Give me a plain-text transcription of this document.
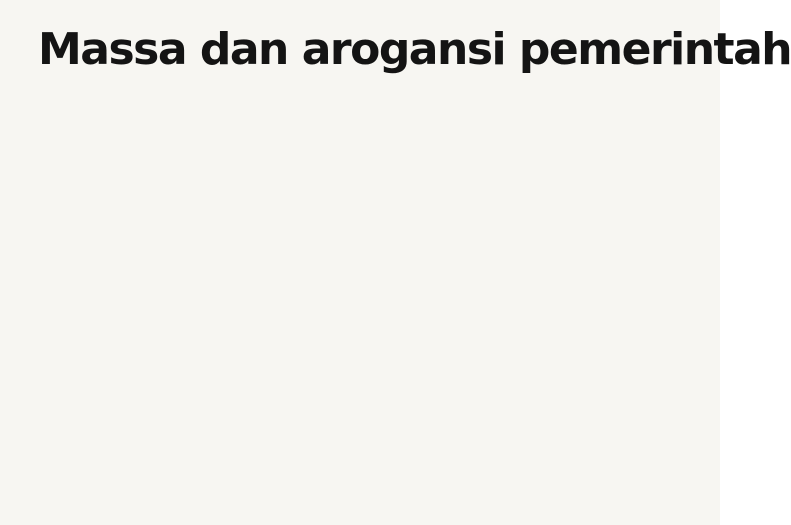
Massa dan arogansi pemerintah
